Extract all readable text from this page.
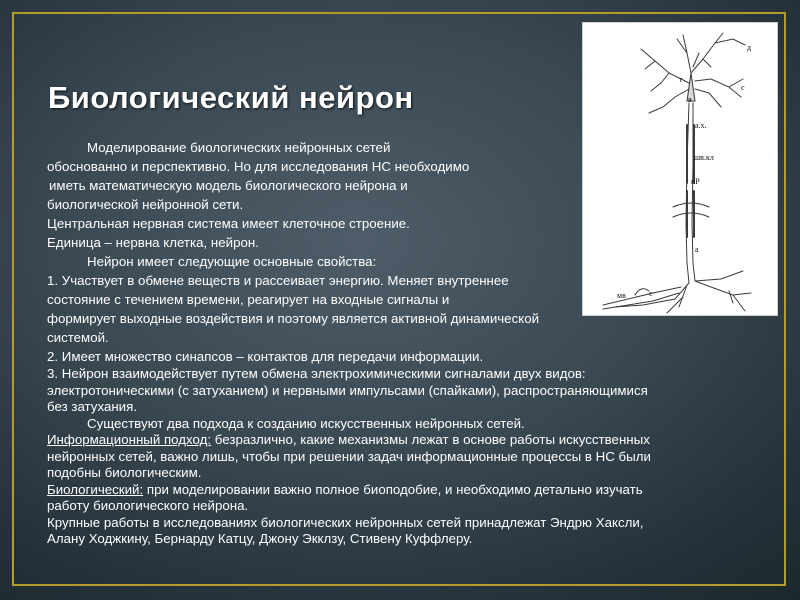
Биологический нейрон
д
т
я
с
а.х.
шв.кл
пР
а
мв	с
Моделирование биологических нейронных сетей
обоснованно и перспективно. Но для исследования НС необходимо
иметь математическую модель биологического нейрона и
биологической нейронной сети.
Центральная нервная система имеет клеточное строение.
Единица – нервна клетка, нейрон.
Нейрон имеет следующие основные свойства:
1. Участвует в обмене веществ и рассеивает энергию. Меняет внутреннее
состояние с течением времени, реагирует на входные сигналы и
формирует выходные воздействия и поэтому является активной динамической
системой.
2. Имеет множество синапсов – контактов для передачи информации.
3. Нейрон взаимодействует путем обмена электрохимическими сигналами двух видов:
электротоническими (с затуханием) и нервными импульсами (спайками), распространяющимися
без затухания.
Существуют два подхода к созданию искусственных нейронных сетей.
Информационный подход: безразлично, какие механизмы лежат в основе работы искусственных
нейронных сетей, важно лишь, чтобы при решении задач информационные процессы в НС были
подобны биологическим.
Биологический: при моделировании важно полное биоподобие, и необходимо детально изучать
работу биологического нейрона.
Крупные работы в исследованиях биологических нейронных сетей принадлежат Эндрю Хаксли,
Алану Ходжкину, Бернарду Катцу, Джону Экклзу, Стивену Куффлеру.
